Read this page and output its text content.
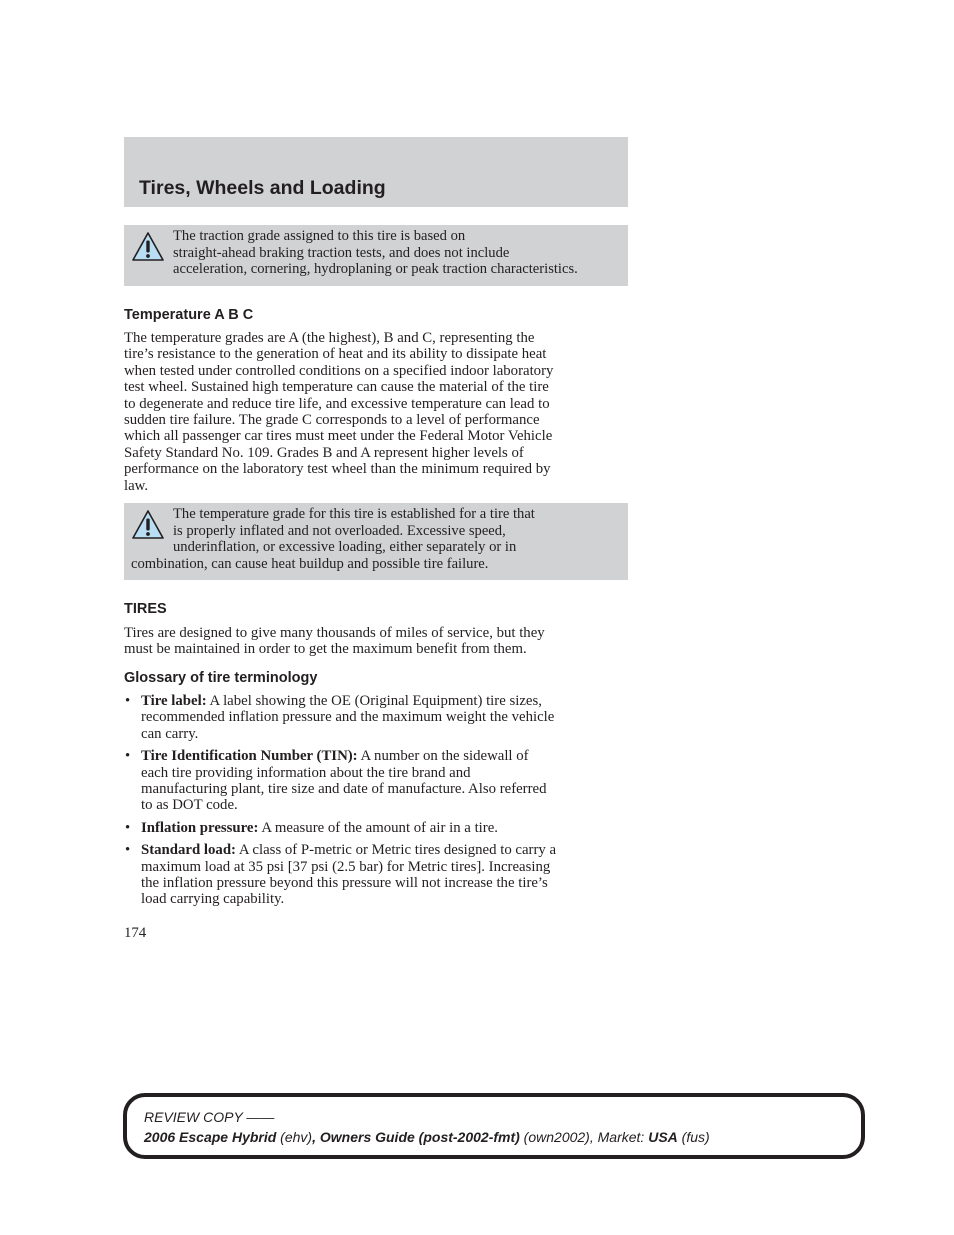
Tires, Wheels and Loading
The traction grade assigned to this tire is based on
straight-ahead braking traction tests, and does not include
acceleration, cornering, hydroplaning or peak traction characteristics.
Temperature A B C

The temperature grades are A (the highest), B and C, representing the
tire’s resistance to the generation of heat and its ability to dissipate heat
when tested under controlled conditions on a specified indoor laboratory
test wheel. Sustained high temperature can cause the material of the tire
to degenerate and reduce tire life, and excessive temperature can lead to
sudden tire failure. The grade C corresponds to a level of performance
which all passenger car tires must meet under the Federal Motor Vehicle
Safety Standard No. 109. Grades B and A represent higher levels of
performance on the laboratory test wheel than the minimum required by
law.

The temperature grade for this tire is established for a tire that
is properly inflated and not overloaded. Excessive speed,
underinflation, or excessive loading, either separately or in
combination, can cause heat buildup and possible tire failure.
TIRES

Tires are designed to give many thousands of miles of service, but they
must be maintained in order to get the maximum benefit from them.

Glossary of tire terminology
• Tire label: A label showing the OE (Original Equipment) tire sizes,
recommended inflation pressure and the maximum weight the vehicle
can carry.
• Tire Identification Number (TIN): A number on the sidewall of
each tire providing information about the tire brand and
manufacturing plant, tire size and date of manufacture. Also referred
to as DOT code.
• Inflation pressure: A measure of the amount of air in a tire.
• Standard load: A class of P-metric or Metric tires designed to carry a
maximum load at 35 psi [37 psi (2.5 bar) for Metric tires]. Increasing
the inflation pressure beyond this pressure will not increase the tire’s
load carrying capability.

174

REVIEW COPY ——
2006 Escape Hybrid (ehv), Owners Guide (post-2002-fmt) (own2002), Market: USA (fus)
